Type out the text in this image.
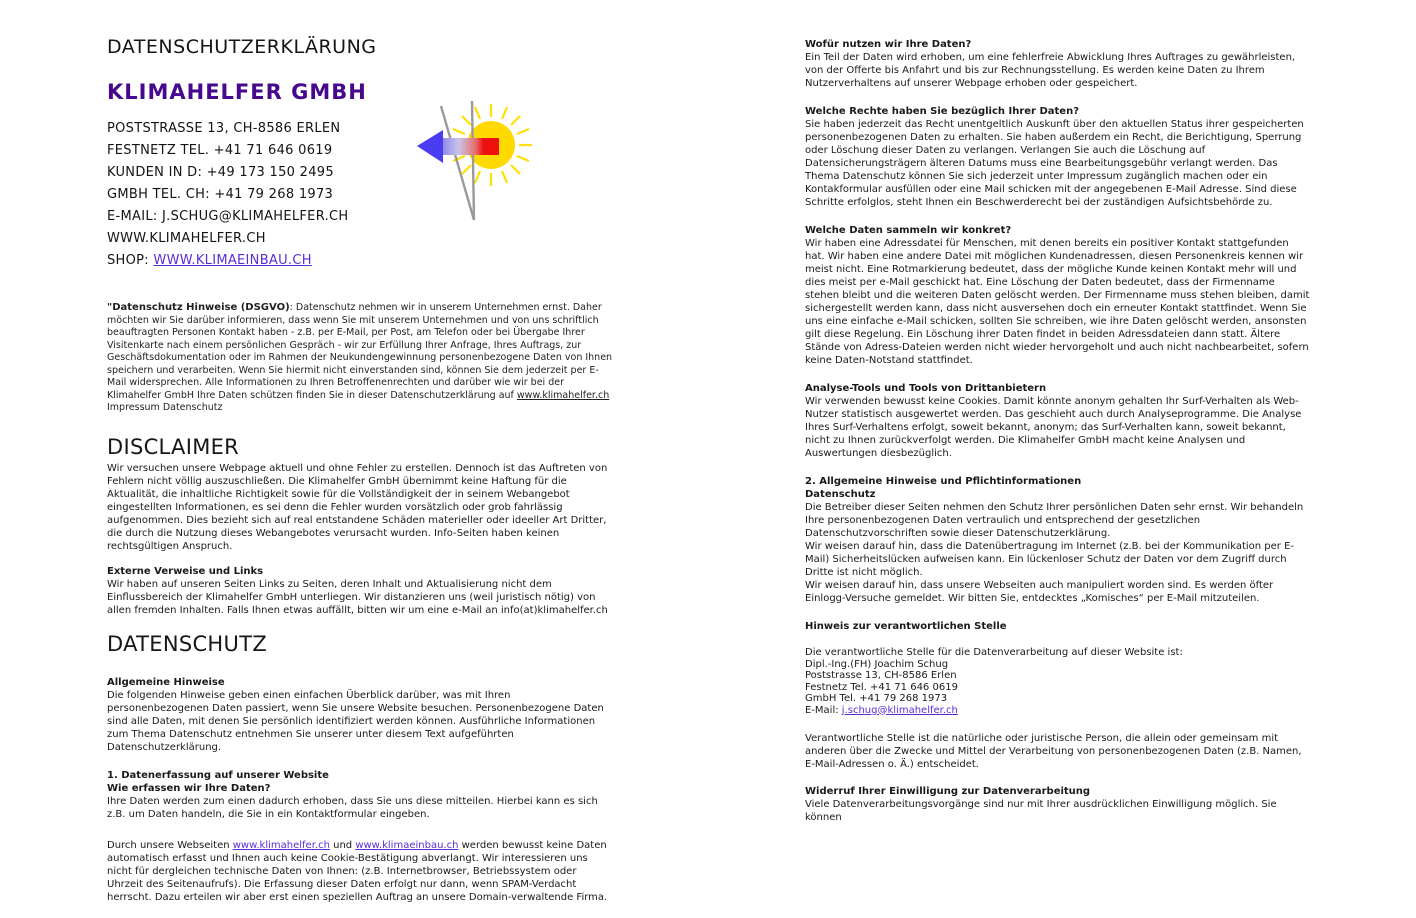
DATENSCHUTZERKLÄRUNG
KLIMAHELFER GMBH
POSTSTRASSE 13, CH-8586 ERLEN
FESTNETZ TEL. +41 71 646 0619
KUNDEN IN D: +49 173 150 2495
GMBH TEL. CH: +41 79 268 1973
E-MAIL: J.SCHUG@KLIMAHELFER.CH
WWW.KLIMAHELFER.CH
SHOP: WWW.KLIMAEINBAU.CH

"Datenschutz Hinweise (DSGVO): Datenschutz nehmen wir in unserem Unternehmen ernst. Daher möchten wir Sie darüber informieren, dass wenn Sie mit unserem Unternehmen und von uns schriftlich beauftragten Personen Kontakt haben - z.B. per E-Mail, per Post, am Telefon oder bei Übergabe Ihrer Visitenkarte nach einem persönlichen Gespräch - wir zur Erfüllung Ihrer Anfrage, Ihres Auftrags, zur Geschäftsdokumentation oder im Rahmen der Neukundengewinnung personenbezogene Daten von Ihnen speichern und verarbeiten. Wenn Sie hiermit nicht einverstanden sind, können Sie dem jederzeit per E-Mail widersprechen. Alle Informationen zu Ihren Betroffenenrechten und darüber wie wir bei der Klimahelfer GmbH Ihre Daten schützen finden Sie in dieser Datenschutzerklärung auf www.klimahelfer.ch Impressum Datenschutz

DISCLAIMER

Wir versuchen unsere Webpage aktuell und ohne Fehler zu erstellen. Dennoch ist das Auftreten von Fehlern nicht völlig auszuschließen. Die Klimahelfer GmbH übernimmt keine Haftung für die Aktualität, die inhaltliche Richtigkeit sowie für die Vollständigkeit der in seinem Webangebot eingestellten Informationen, es sei denn die Fehler wurden vorsätzlich oder grob fahrlässig aufgenommen. Dies bezieht sich auf real entstandene Schäden materieller oder ideeller Art Dritter, die durch die Nutzung dieses Webangebotes verursacht wurden. Info-Seiten haben keinen rechtsgültigen Anspruch.

Externe Verweise und Links

Wir haben auf unseren Seiten Links zu Seiten, deren Inhalt und Aktualisierung nicht dem Einflussbereich der Klimahelfer GmbH unterliegen. Wir distanzieren uns (weil juristisch nötig) von allen fremden Inhalten. Falls Ihnen etwas auffällt, bitten wir um eine e-Mail an info(at)klimahelfer.ch

DATENSCHUTZ
Allgemeine Hinweise

Die folgenden Hinweise geben einen einfachen Überblick darüber, was mit Ihren personenbezogenen Daten passiert, wenn Sie unsere Website besuchen. Personenbezogene Daten sind alle Daten, mit denen Sie persönlich identifiziert werden können. Ausführliche Informationen zum Thema Datenschutz entnehmen Sie unserer unter diesem Text aufgeführten Datenschutzerklärung.

1. Datenerfassung auf unserer Website
Wie erfassen wir Ihre Daten?

Ihre Daten werden zum einen dadurch erhoben, dass Sie uns diese mitteilen. Hierbei kann es sich z.B. um Daten handeln, die Sie in ein Kontaktformular eingeben.

Durch unsere Webseiten www.klimahelfer.ch und www.klimaeinbau.ch werden bewusst keine Daten automatisch erfasst und Ihnen auch keine Cookie-Bestätigung abverlangt. Wir interessieren uns nicht für dergleichen technische Daten von Ihnen: (z.B. Internetbrowser, Betriebssystem oder Uhrzeit des Seitenaufrufs). Die Erfassung dieser Daten erfolgt nur dann, wenn SPAM-Verdacht herrscht. Dazu erteilen wir aber erst einen speziellen Auftrag an unsere Domain-verwaltende Firma.

Wofür nutzen wir Ihre Daten?

Ein Teil der Daten wird erhoben, um eine fehlerfreie Abwicklung Ihres Auftrages zu gewährleisten, von der Offerte bis Anfahrt und bis zur Rechnungsstellung. Es werden keine Daten zu Ihrem Nutzerverhaltens auf unserer Webpage erhoben oder gespeichert.

Welche Rechte haben Sie bezüglich Ihrer Daten?

Sie haben jederzeit das Recht unentgeltlich Auskunft über den aktuellen Status ihrer gespeicherten personenbezogenen Daten zu erhalten. Sie haben außerdem ein Recht, die Berichtigung, Sperrung oder Löschung dieser Daten zu verlangen. Verlangen Sie auch die Löschung auf Datensicherungsträgern älteren Datums muss eine Bearbeitungsgebühr verlangt werden. Das Thema Datenschutz können Sie sich jederzeit unter Impressum zugänglich machen oder ein Kontakformular ausfüllen oder eine Mail schicken mit der angegebenen E-Mail Adresse. Sind diese Schritte erfolglos, steht Ihnen ein Beschwerderecht bei der zuständigen Aufsichtsbehörde zu.

Welche Daten sammeln wir konkret?

Wir haben eine Adressdatei für Menschen, mit denen bereits ein positiver Kontakt stattgefunden hat. Wir haben eine andere Datei mit möglichen Kundenadressen, diesen Personenkreis kennen wir meist nicht. Eine Rotmarkierung bedeutet, dass der mögliche Kunde keinen Kontakt mehr will und dies meist per e-Mail geschickt hat. Eine Löschung der Daten bedeutet, dass der Firmenname stehen bleibt und die weiteren Daten gelöscht werden. Der Firmenname muss stehen bleiben, damit sichergestellt werden kann, dass nicht ausversehen doch ein erneuter Kontakt stattfindet. Wenn Sie uns eine einfache e-Mail schicken, sollten Sie schreiben, wie ihre Daten gelöscht werden, ansonsten gilt diese Regelung. Ein Löschung ihrer Daten findet in beiden Adressdateien dann statt. Ältere Stände von Adress-Dateien werden nicht wieder hervorgeholt und auch nicht nachbearbeitet, sofern keine Daten-Notstand stattfindet.

Analyse-Tools und Tools von Drittanbietern

Wir verwenden bewusst keine Cookies. Damit könnte anonym gehalten Ihr Surf-Verhalten als Web-Nutzer statistisch ausgewertet werden. Das geschieht auch durch Analyseprogramme. Die Analyse Ihres Surf-Verhaltens erfolgt, soweit bekannt, anonym; das Surf-Verhalten kann, soweit bekannt, nicht zu Ihnen zurückverfolgt werden. Die Klimahelfer GmbH macht keine Analysen und Auswertungen diesbezüglich.

2. Allgemeine Hinweise und Pflichtinformationen
Datenschutz

Die Betreiber dieser Seiten nehmen den Schutz Ihrer persönlichen Daten sehr ernst. Wir behandeln Ihre personenbezogenen Daten vertraulich und entsprechend der gesetzlichen Datenschutzvorschriften sowie dieser Datenschutzerklärung.

Wir weisen darauf hin, dass die Datenübertragung im Internet (z.B. bei der Kommunikation per E-Mail) Sicherheitslücken aufweisen kann. Ein lückenloser Schutz der Daten vor dem Zugriff durch Dritte ist nicht möglich.

Wir weisen darauf hin, dass unsere Webseiten auch manipuliert worden sind. Es werden öfter Einlogg-Versuche gemeldet. Wir bitten Sie, entdecktes „Komisches“ per E-Mail mitzuteilen.

Hinweis zur verantwortlichen Stelle
Die verantwortliche Stelle für die Datenverarbeitung auf dieser Website ist:
Dipl.-Ing.(FH) Joachim Schug
Poststrasse 13, CH-8586 Erlen
Festnetz Tel. +41 71 646 0619
GmbH Tel. +41 79 268 1973
E-Mail: j.schug@klimahelfer.ch

Verantwortliche Stelle ist die natürliche oder juristische Person, die allein oder gemeinsam mit anderen über die Zwecke und Mittel der Verarbeitung von personenbezogenen Daten (z.B. Namen, E-Mail-Adressen o. Ä.) entscheidet.

Widerruf Ihrer Einwilligung zur Datenverarbeitung

Viele Datenverarbeitungsvorgänge sind nur mit Ihrer ausdrücklichen Einwilligung möglich. Sie können
